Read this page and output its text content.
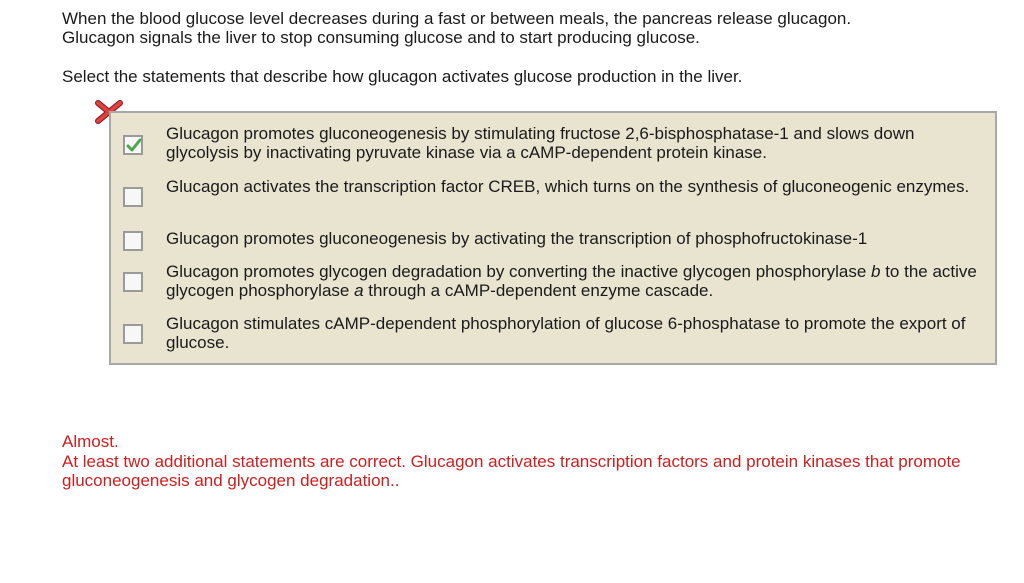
When the blood glucose level decreases during a fast or between meals, the pancreas release glucagon.

Glucagon signals the liver to stop consuming glucose and to start producing glucose.

Select the statements that describe how glucagon activates glucose production in the liver.

Glucagon promotes gluconeogenesis by stimulating fructose 2,6-bisphosphatase-1 and slows down glycolysis by inactivating pyruvate kinase via a cAMP-dependent protein kinase.

Glucagon activates the transcription factor CREB, which turns on the synthesis of gluconeogenic enzymes.

Glucagon promotes gluconeogenesis by activating the transcription of phosphofructokinase-1

Glucagon promotes glycogen degradation by converting the inactive glycogen phosphorylase b to the active glycogen phosphorylase a through a cAMP-dependent enzyme cascade.

Glucagon stimulates cAMP-dependent phosphorylation of glucose 6-phosphatase to promote the export of glucose.

Almost.

At least two additional statements are correct. Glucagon activates transcription factors and protein kinases that promote gluconeogenesis and glycogen degradation..
